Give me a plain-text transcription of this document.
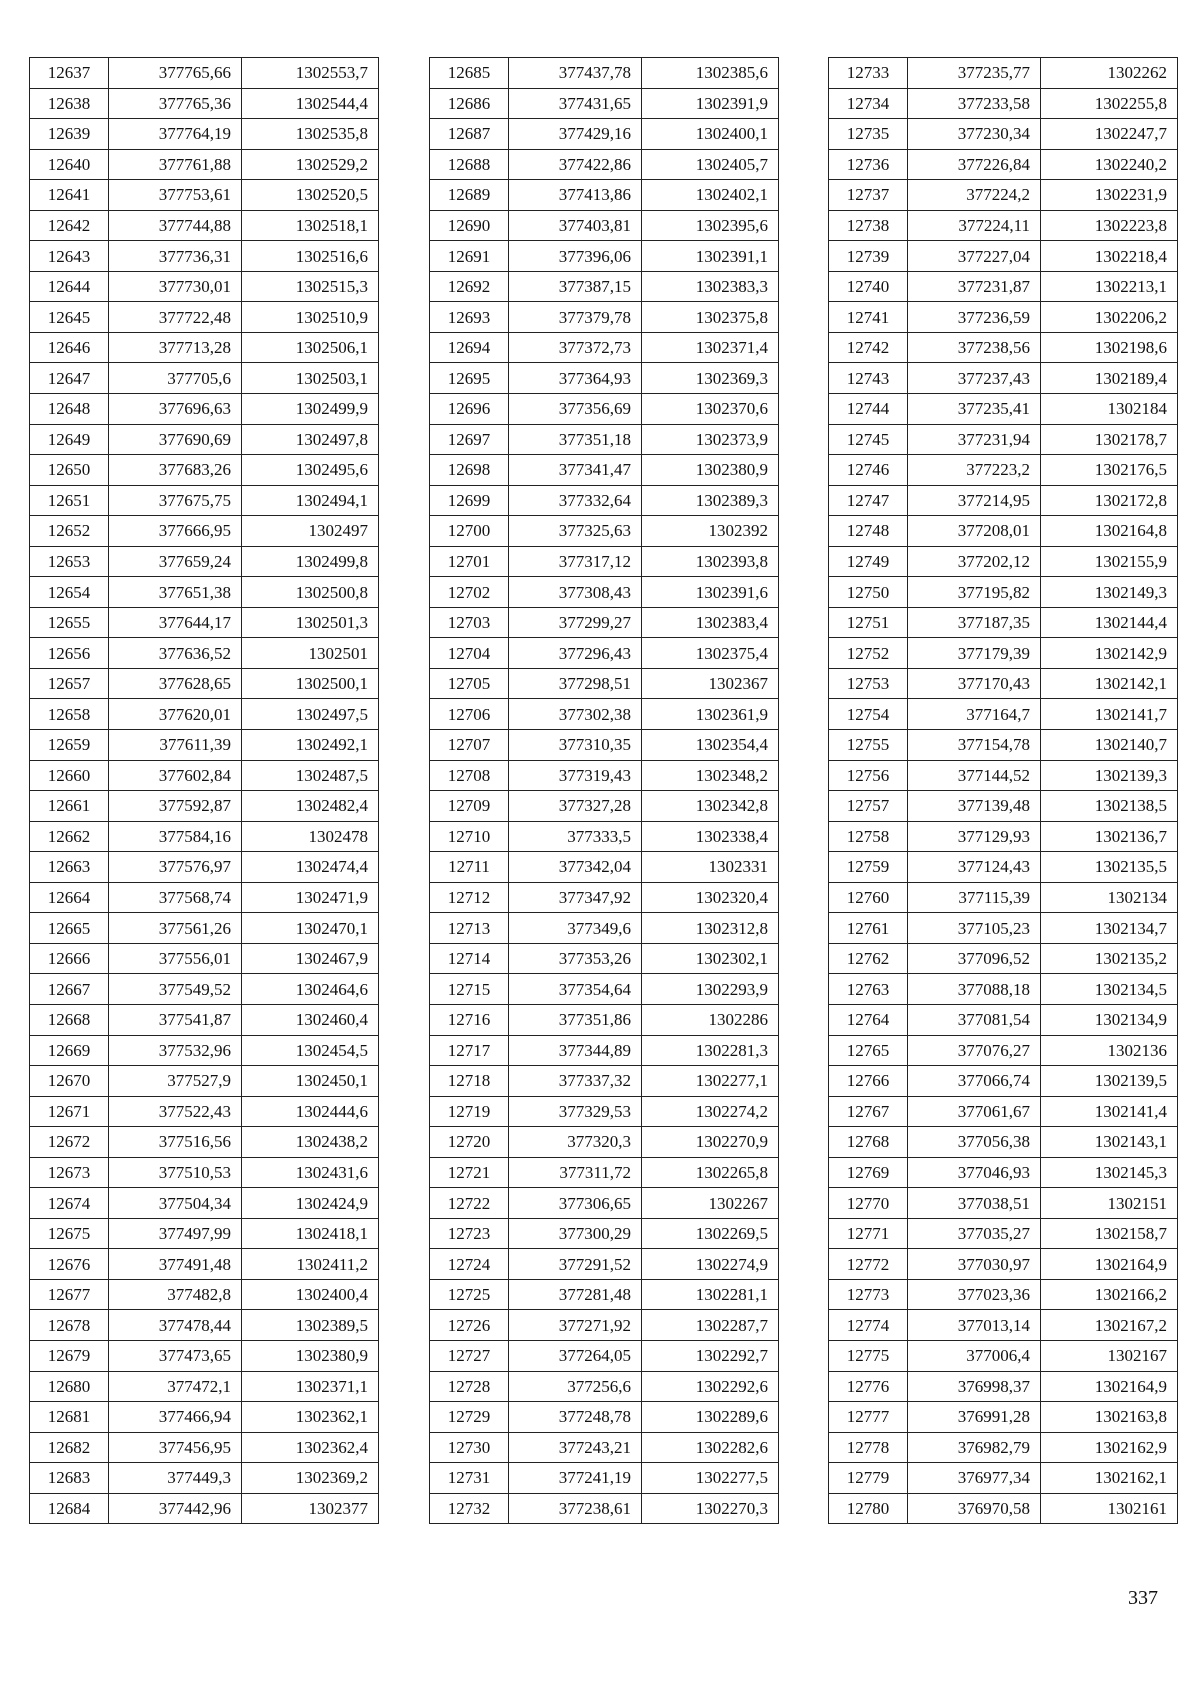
12637	377765,66	1302553,7
12638	377765,36	1302544,4
12639	377764,19	1302535,8
12640	377761,88	1302529,2
12641	377753,61	1302520,5
12642	377744,88	1302518,1
12643	377736,31	1302516,6
12644	377730,01	1302515,3
12645	377722,48	1302510,9
12646	377713,28	1302506,1
12647	377705,6	1302503,1
12648	377696,63	1302499,9
12649	377690,69	1302497,8
12650	377683,26	1302495,6
12651	377675,75	1302494,1
12652	377666,95	1302497
12653	377659,24	1302499,8
12654	377651,38	1302500,8
12655	377644,17	1302501,3
12656	377636,52	1302501
12657	377628,65	1302500,1
12658	377620,01	1302497,5
12659	377611,39	1302492,1
12660	377602,84	1302487,5
12661	377592,87	1302482,4
12662	377584,16	1302478
12663	377576,97	1302474,4
12664	377568,74	1302471,9
12665	377561,26	1302470,1
12666	377556,01	1302467,9
12667	377549,52	1302464,6
12668	377541,87	1302460,4
12669	377532,96	1302454,5
12670	377527,9	1302450,1
12671	377522,43	1302444,6
12672	377516,56	1302438,2
12673	377510,53	1302431,6
12674	377504,34	1302424,9
12675	377497,99	1302418,1
12676	377491,48	1302411,2
12677	377482,8	1302400,4
12678	377478,44	1302389,5
12679	377473,65	1302380,9
12680	377472,1	1302371,1
12681	377466,94	1302362,1
12682	377456,95	1302362,4
12683	377449,3	1302369,2
12684	377442,96	1302377
12685	377437,78	1302385,6
12686	377431,65	1302391,9
12687	377429,16	1302400,1
12688	377422,86	1302405,7
12689	377413,86	1302402,1
12690	377403,81	1302395,6
12691	377396,06	1302391,1
12692	377387,15	1302383,3
12693	377379,78	1302375,8
12694	377372,73	1302371,4
12695	377364,93	1302369,3
12696	377356,69	1302370,6
12697	377351,18	1302373,9
12698	377341,47	1302380,9
12699	377332,64	1302389,3
12700	377325,63	1302392
12701	377317,12	1302393,8
12702	377308,43	1302391,6
12703	377299,27	1302383,4
12704	377296,43	1302375,4
12705	377298,51	1302367
12706	377302,38	1302361,9
12707	377310,35	1302354,4
12708	377319,43	1302348,2
12709	377327,28	1302342,8
12710	377333,5	1302338,4
12711	377342,04	1302331
12712	377347,92	1302320,4
12713	377349,6	1302312,8
12714	377353,26	1302302,1
12715	377354,64	1302293,9
12716	377351,86	1302286
12717	377344,89	1302281,3
12718	377337,32	1302277,1
12719	377329,53	1302274,2
12720	377320,3	1302270,9
12721	377311,72	1302265,8
12722	377306,65	1302267
12723	377300,29	1302269,5
12724	377291,52	1302274,9
12725	377281,48	1302281,1
12726	377271,92	1302287,7
12727	377264,05	1302292,7
12728	377256,6	1302292,6
12729	377248,78	1302289,6
12730	377243,21	1302282,6
12731	377241,19	1302277,5
12732	377238,61	1302270,3
12733	377235,77	1302262
12734	377233,58	1302255,8
12735	377230,34	1302247,7
12736	377226,84	1302240,2
12737	377224,2	1302231,9
12738	377224,11	1302223,8
12739	377227,04	1302218,4
12740	377231,87	1302213,1
12741	377236,59	1302206,2
12742	377238,56	1302198,6
12743	377237,43	1302189,4
12744	377235,41	1302184
12745	377231,94	1302178,7
12746	377223,2	1302176,5
12747	377214,95	1302172,8
12748	377208,01	1302164,8
12749	377202,12	1302155,9
12750	377195,82	1302149,3
12751	377187,35	1302144,4
12752	377179,39	1302142,9
12753	377170,43	1302142,1
12754	377164,7	1302141,7
12755	377154,78	1302140,7
12756	377144,52	1302139,3
12757	377139,48	1302138,5
12758	377129,93	1302136,7
12759	377124,43	1302135,5
12760	377115,39	1302134
12761	377105,23	1302134,7
12762	377096,52	1302135,2
12763	377088,18	1302134,5
12764	377081,54	1302134,9
12765	377076,27	1302136
12766	377066,74	1302139,5
12767	377061,67	1302141,4
12768	377056,38	1302143,1
12769	377046,93	1302145,3
12770	377038,51	1302151
12771	377035,27	1302158,7
12772	377030,97	1302164,9
12773	377023,36	1302166,2
12774	377013,14	1302167,2
12775	377006,4	1302167
12776	376998,37	1302164,9
12777	376991,28	1302163,8
12778	376982,79	1302162,9
12779	376977,34	1302162,1
12780	376970,58	1302161
337
